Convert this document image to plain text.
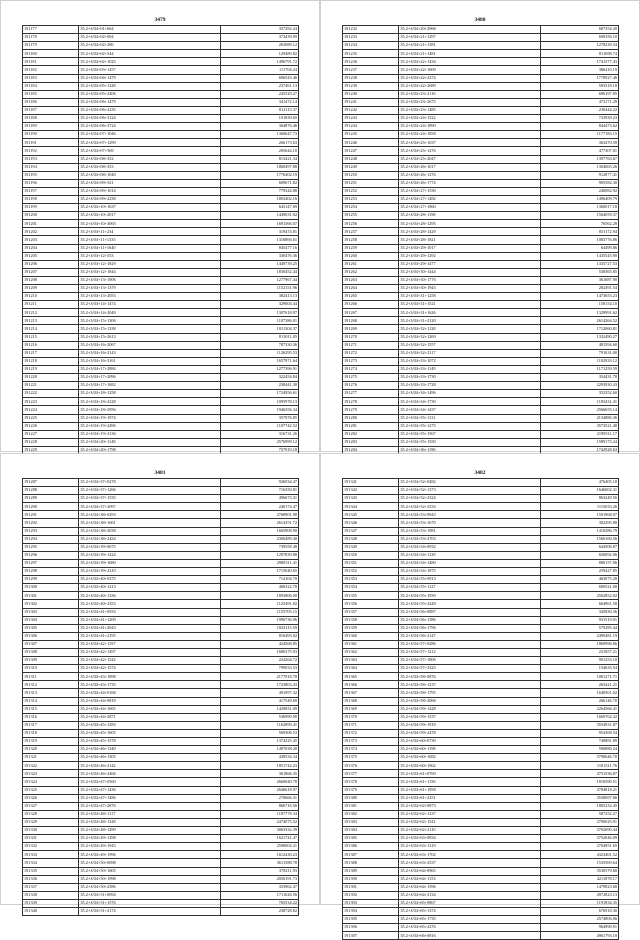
3479
191177	35.2+3/04+01+664	357292.24
191178	35.2+3/04+02+004	373439.09
191179	35.2+3/04+02+286	263089.12
191180	35.2+3/04+02+544	129489.82
191181	35.2+3/04+02+1025	1496791.72
191182	35.2+3/04+03+1457	111704.24
191183	35.2+3/04+04+1479	696543.46
191184	35.2+3/04+05+1248	237461.13
191185	35.2+3/04+05+2406	245529.27
191186	35.2+3/04+06+1479	341472.14
191187	35.2+3/04+06+2235	812115.37
191188	35.2+3/04+06+3124	101839.65
191189	35.2+3/04+06+3724	364876.46
191190	35.2+3/04+07+1046	1360647.73
191191	35.2+3/04+07+1299	266173.63
191192	35.2+3/04+07+569	205644.10
191193	35.2+3/04+08+352	813421.34
191194	35.2+3/04+08+353	1860497.88
191195	35.2+3/04+08+1040	1776402.19
191196	35.2+3/04+09+521	609671.82
191197	35.2+3/04+09+1014	779344.88
191198	35.2+3/04+09+2238	1803402.16
191199	35.2+3/04+10+1637	643147.69
191200	35.2+3/04+10+2017	1449031.02
191201	35.2+3/04+10+3065	1691566.07
191202	35.2+3/04+11+234	319474.81
191203	35.2+3/04+11+1335	1316866.61
191204	35.2+3/04+11+1640	845477.16
191205	35.2+3/04+12+553	330476.36
191206	35.2+3/04+12+1829	1449739.25
191207	35.2+3/04+12+1844	1830452.44
191208	35.2+3/04+13+1906	1277967.44
191209	35.2+3/04+13+1379	1152151.96
191210	35.2+3/04+13+2053	382413.13
191211	35.2+3/04+14+1474	329004.44
191212	35.2+3/04+14+2049	1307618.97
191213	35.2+3/04+15+1306	1107386.01
191214	35.2+3/04+15+1338	1011304.37
191215	35.2+3/04+15+2613	813011.05
191216	35.2+3/04+16+2067	787330.36
191217	35.2+3/04+16+2143	1126295.53
191218	35.2+3/04+16+3161	1657971.64
191219	35.2+3/04+17+2884	1277396.91
191220	35.2+3/04+17+2096	322454.84
191221	35.2+3/04+17+1682	238441.30
191222	35.2+3/04+18+1258	1724956.61
191223	35.2+3/04+18+2228	1095978.13
191224	35.2+3/04+18+2956	1946356.34
191225	35.2+3/04+19+1974	357976.85
191226	35.2+3/04+19+2496	1107742.52
191227	35.2+3/04+19+3136	316731.26
191228	35.2+3/04+20+1148	2576999.12
191229	35.2+3/04+20+1798	757919.18

3480
191232	35.2+3/04+20+2968	687354.20
191233	35.2+3/04+21+1297	690356.10
191234	35.2+3/04+21+1381	1278239.34
191235	35.2+3/04+21+1481	811698.74
191236	35.2+3/04+22+1434	1741377.43
191237	35.2+3/04+22+1609	386410.19
191238	35.2+3/04+22+2274	1778927.46
191239	35.2+3/04+22+2689	593318.10
191240	35.2+3/04+23+2116	696197.85
191241	35.2+3/04+23+2675	473171.29
191242	35.2+3/04+23+1485	230444.22
191243	35.2+3/04+24+1522	723939.23
191244	35.2+3/04+24+1890	844473.62
191245	35.2+3/04+24+1858	1177183.15
191246	35.2+3/04+25+1037	363470.39
191247	35.2+3/04+25+1276	477307.01
191248	35.2+3/04+25+2047	1397763.67
191249	35.2+3/04+26+1017	1304065.26
191250	35.2+3/04+26+1276	912877.41
191251	35.2+3/04+26+1774	965582.30
191252	35.2+3/04+27+1530	240082.92
191253	35.2+3/04+27+1482	1496409.79
191254	35.2+3/04+27+1860	1360017.18
191255	35.2+3/04+28+1198	1564059.37
191256	35.2+3/04+28+1295	76562.28
191257	35.2+3/04+28+1429	831172.94
191258	35.2+3/04+28+1821	1083776.86
191259	35.2+3/04+29+1017	64499.86
191260	35.2+3/04+29+1292	1435545.90
191261	35.2+3/04+29+1477	1335727.53
191262	35.2+3/04+30+1444	538365.85
191263	35.2+3/04+30+1776	361687.90
191264	35.2+3/04+30+1943	282491.54
191265	35.2+3/04+31+1258	1473653.23
191266	35.2+3/04+31+1521	158154.10
191267	35.2+3/04+31+1626	1329991.62
191268	35.2+3/04+31+2120	2614264.52
191269	35.2+3/04+32+1128	1712060.81
191270	35.2+3/04+32+1269	1332490.27
191271	35.2+3/04+32+1557	481594.60
191272	35.2+3/04+32+2117	791631.00
191273	35.2+3/04+33+1072	1102933.12
191274	35.2+3/04+33+1149	1171259.59
191275	35.2+3/04+33+1730	354431.78
191276	35.2+3/04+33+1728	2293930.43
191277	35.2+3/04+34+1496	352352.60
191278	35.2+3/04+34+1730	1183431.41
191279	35.2+3/04+34+1437	2566655.14
191280	35.2+3/04+35+1131	2134886.36
191281	35.2+3/04+35+1275	3573521.40
191282	35.2+3/04+35+1567	2199511.17
191283	35.2+3/04+35+1550	1589173.24
191284	35.2+3/04+36+1196	1742928.63

3481
191287	35.2+3/04+37+0278	926034.47
191288	35.2+3/04+37+1266	716350.81
191289	35.2+3/04+37+1535	496673.31
191290	35.2+3/04+37+2097	240174.47
191291	35.2+3/04+38+0293	2768901.98
191292	35.2+3/04+38+1661	2614351.72
191293	35.2+3/04+38+2038	1665908.90
191294	35.2+3/04+38+2434	2306489.40
191295	35.2+3/04+39+0675	739558.48
191296	35.2+3/04+39+1424	1297839.88
191297	35.2+3/04+39+1680	2980311.41
191298	35.2+3/04+39+2310	1715040.65
191299	35.2+3/04+40+0375	714104.78
191300	35.2+3/04+40+1213	406322.70
191301	35.2+3/04+40+1336	1893806.00
191302	35.2+3/04+40+2353	1125491.82
191303	35.2+3/04+41+0933	1155705.15
191304	35.2+3/04+41+1209	1996736.96
191305	35.2+3/04+41+2043	1023115.59
191306	35.2+3/04+41+2195	816493.02
191307	35.2+3/04+42+1197	424568.85
191308	35.2+3/04+42+1497	1686375.93
191309	35.2+3/04+42+1542	224264.72
191310	35.2+3/04+42+1574	799033.53
191311	35.2+3/04+43+1898	2177918.78
191312	35.2+3/04+43+1735	1723803.43
191313	35.2+3/04+44+0168	491097.32
191314	35.2+3/04+44+0818	417549.69
191315	35.2+3/04+44+1665	1429831.09
191316	35.2+3/04+44+2871	536990.90
191317	35.2+3/04+45+1283	1162899.41
191318	35.2+3/04+45+1605	569306.53
191319	35.2+3/04+45+1578	1374225.45
191320	35.2+3/04+46+1340	1497038.28
191321	35.2+3/04+46+1305	438534.34
191322	35.2+3/04+46+2142	1851742.23
191323	35.2+3/04+46+2466	361866.35
191324	35.2+3/04+47+0560	2660040.78
191325	35.2+3/04+47+1436	2646618.97
191326	35.2+3/04+47+1486	270666.31
191327	35.2+3/04+47+2876	866716.56
191328	35.2+3/04+48+1117	1187778.34
191329	35.2+3/04+48+1348	2474075.52
191330	35.2+3/04+48+1299	3063332.39
191331	35.2+3/04+49+1298	1621741.47
191332	35.2+3/04+49+1943	2590004.21
191333	35.2+3/04+49+1996	1612430.23
191334	35.2+3/04+50+0098	3611588.78
191335	35.2+3/04+50+1605	378211.93
191336	35.2+3/04+50+1998	2056191.73
191337	35.2+3/04+50+2586	353962.47
191338	35.2+3/04+51+0094	1711626.56
191339	35.2+3/04+51+1576	765534.22
191340	35.2+3/04+51+2174	238728.82
3482
191341	35.2+3/04+52+0482	476405.18
191342	35.2+3/04+52+1373	1646002.31
191343	35.2+3/04+52+2324	863249.56
191344	35.2+3/04+52+2533	1115033.26
191345	35.2+3/04+53+0943	1501968.07
191346	35.2+3/04+53+1670	302295.88
191347	35.2+3/04+53+1981	1410286.79
191348	35.2+3/04+53+2703	1566160.56
191349	35.2+3/04+54+0932	644506.87
191350	35.2+3/04+54+1129	826092.06
191351	35.2+3/04+54+1480	886157.06
191352	35.2+3/04+54+1875	259427.85
191353	35.2+3/04+55+0913	463075.28
191354	35.2+3/04+55+1127	600521.00
191355	35.2+3/04+55+1939	2562852.02
191356	35.2+3/04+55+2249	664961.58
191357	35.2+3/04+56+0887	345830.36
191358	35.2+3/04+56+1386	931519.01
191359	35.2+3/04+56+1796	579285.44
191360	35.2+3/04+56+2147	2499481.19
191361	35.2+3/04+57+0286	1860996.66
191362	35.2+3/04+57+1212	231857.21
191363	35.2+3/04+57+1806	901253.10
191364	35.2+3/04+57+2325	154635.54
191365	35.2+3/04+58+0876	1081271.71
191366	35.2+3/04+58+1237	263421.21
191367	35.2+3/04+58+1795	1640561.02
191368	35.2+3/04+58+2068	266146.70
191369	35.2+3/04+59+1428	2264566.41
191370	35.2+3/04+59+1537	1669762.32
191371	35.2+3/04+59+1918	3554931.87
191372	35.2+3/04+59+2478	954368.54
191373	35.2+3/04+60+0730	740881.89
191374	35.2+3/04+60+1198	596880.24
191375	35.2+3/04+60+1682	3790646.70
191376	35.2+3/04+60+1962	1101511.76
191377	35.2+3/04+61+0769	4751536.87
191378	35.2+3/04+61+1156	1810590.51
191379	35.2+3/04+61+1958	4784818.21
191380	35.2+3/04+61+2251	3530697.66
191381	35.2+3/04+62+0873	1805232.45
191382	35.2+3/04+62+1237	587252.27
191383	35.2+3/04+62+1541	2790025.91
191384	35.2+3/04+62+2110	3702690.44
191385	35.2+3/04+63+0834	3752046.09
191386	35.2+3/04+63+1319	2704951.65
191387	35.2+3/04+63+1702	4323461.52
191388	35.2+3/04+63+2537	1535569.64
191389	35.2+3/04+64+0965	3530579.68
191390	35.2+3/04+64+1153	4211878.17
191391	35.2+3/04+64+1596	1479823.68
191392	35.2+3/04+64+2134	4972823.13
191393	35.2+3/04+65+0867	1191834.35
191394	35.2+3/04+65+1374	676918.30
191395	35.2+3/04+65+1735	2574806.06
191396	35.2+3/04+65+2276	964990.91
191397	35.2+3/04+66+0816	4961793.10
